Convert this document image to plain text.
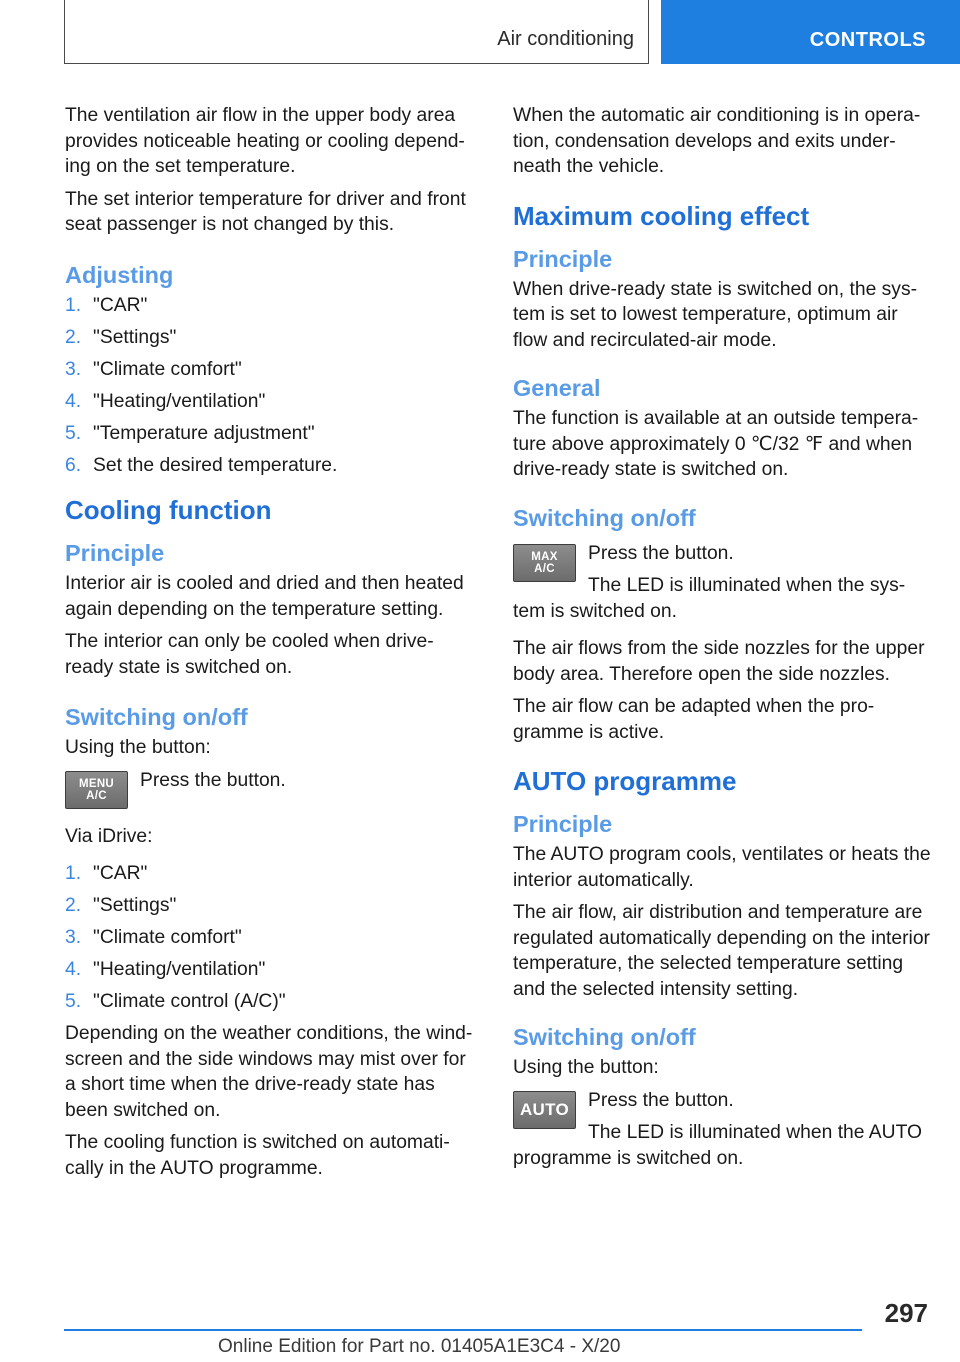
Air conditioning	CONTROLS

The ventilation air flow in the upper body area provides noticeable heating or cooling depend-ing on the set temperature.

The set interior temperature for driver and front seat passenger is not changed by this.

Adjusting
1. "CAR"
2. "Settings"
3. "Climate comfort"
4. "Heating/ventilation"
5. "Temperature adjustment"
6. Set the desired temperature.
Cooling function
Principle

Interior air is cooled and dried and then heated again depending on the temperature setting.

The interior can only be cooled when drive-ready state is switched on.

Switching on/off

Using the button:

MENU
A/C

Press the button.

Via iDrive:

1. "CAR"
2. "Settings"
3. "Climate comfort"
4. "Heating/ventilation"
5. "Climate control (A/C)"

Depending on the weather conditions, the wind-screen and the side windows may mist over for a short time when the drive-ready state has been switched on.

The cooling function is switched on automati-cally in the AUTO programme.

When the automatic air conditioning is in opera-tion, condensation develops and exits under-neath the vehicle.

Maximum cooling effect
Principle

When drive-ready state is switched on, the sys-tem is set to lowest temperature, optimum air flow and recirculated-air mode.

General

The function is available at an outside tempera-ture above approximately 0 ℃/32 ℉ and when drive-ready state is switched on.

Switching on/off
MAX
A/C

Press the button.

The LED is illuminated when the sys-tem is switched on.

The air flows from the side nozzles for the upper body area. Therefore open the side nozzles.

The air flow can be adapted when the pro-gramme is active.

AUTO programme
Principle

The AUTO program cools, ventilates or heats the interior automatically.

The air flow, air distribution and temperature are regulated automatically depending on the interior temperature, the selected temperature setting and the selected intensity setting.

Switching on/off

Using the button:

AUTO Press the button.

The LED is illuminated when the AUTO programme is switched on.

297
Online Edition for Part no. 01405A1E3C4 - X/20
